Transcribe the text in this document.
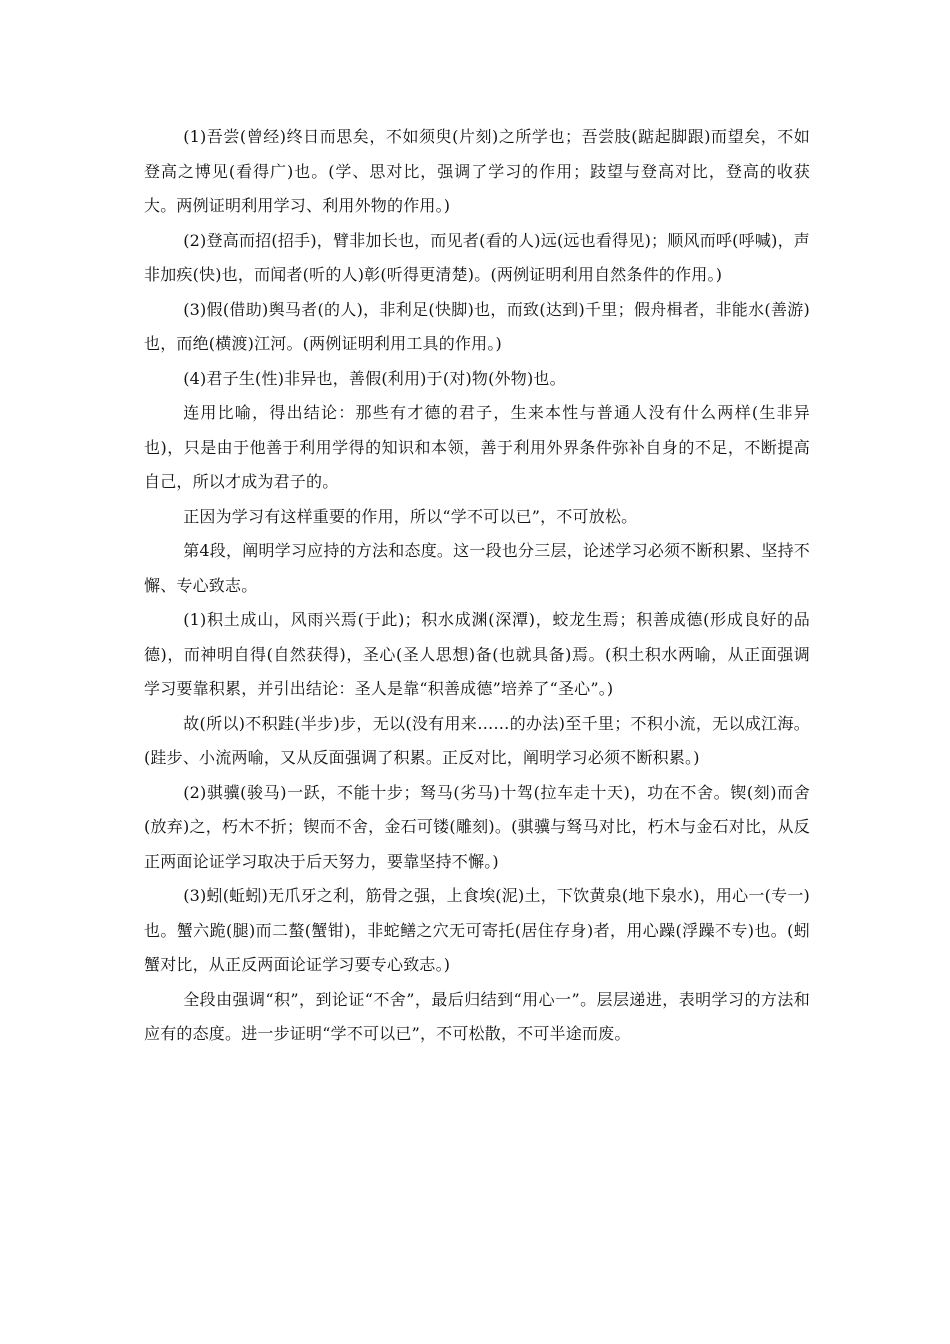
(1)吾尝(曾经)终日而思矣，不如须臾(片刻)之所学也；吾尝肢(踮起脚跟)而望矣，不如登高之博见(看得广)也。(学、思对比，强调了学习的作用；跂望与登高对比，登高的收获大。两例证明利用学习、利用外物的作用。)

(2)登高而招(招手)，臂非加长也，而见者(看的人)远(远也看得见)；顺风而呼(呼喊)，声非加疾(快)也，而闻者(听的人)彰(听得更清楚)。(两例证明利用自然条件的作用。)

(3)假(借助)舆马者(的人)，非利足(快脚)也，而致(达到)千里；假舟楫者，非能水(善游)也，而绝(横渡)江河。(两例证明利用工具的作用。)

(4)君子生(性)非异也，善假(利用)于(对)物(外物)也。

连用比喻，得出结论：那些有才德的君子，生来本性与普通人没有什么两样(生非异也)，只是由于他善于利用学得的知识和本领，善于利用外界条件弥补自身的不足，不断提高自己，所以才成为君子的。

正因为学习有这样重要的作用，所以“学不可以已”，不可放松。

第4段，阐明学习应持的方法和态度。这一段也分三层，论述学习必须不断积累、坚持不懈、专心致志。

(1)积土成山，风雨兴焉(于此)；积水成渊(深潭)，蛟龙生焉；积善成德(形成良好的品德)，而神明自得(自然获得)，圣心(圣人思想)备(也就具备)焉。(积土积水两喻，从正面强调学习要靠积累，并引出结论：圣人是靠“积善成德”培养了“圣心”。)

故(所以)不积跬(半步)步，无以(没有用来……的办法)至千里；不积小流，无以成江海。(跬步、小流两喻，又从反面强调了积累。正反对比，阐明学习必须不断积累。)

(2)骐骥(骏马)一跃，不能十步；驽马(劣马)十驾(拉车走十天)，功在不舍。锲(刻)而舍(放弃)之，朽木不折；锲而不舍，金石可镂(雕刻)。(骐骥与驽马对比，朽木与金石对比，从反正两面论证学习取决于后天努力，要靠坚持不懈。)

(3)蚓(蚯蚓)无爪牙之利，筋骨之强，上食埃(泥)土，下饮黄泉(地下泉水)，用心一(专一)也。蟹六跪(腿)而二螯(蟹钳)，非蛇鳝之穴无可寄托(居住存身)者，用心躁(浮躁不专)也。(蚓蟹对比，从正反两面论证学习要专心致志。)

全段由强调“积”，到论证“不舍”，最后归结到“用心一”。层层递进，表明学习的方法和应有的态度。进一步证明“学不可以已”，不可松散，不可半途而废。
